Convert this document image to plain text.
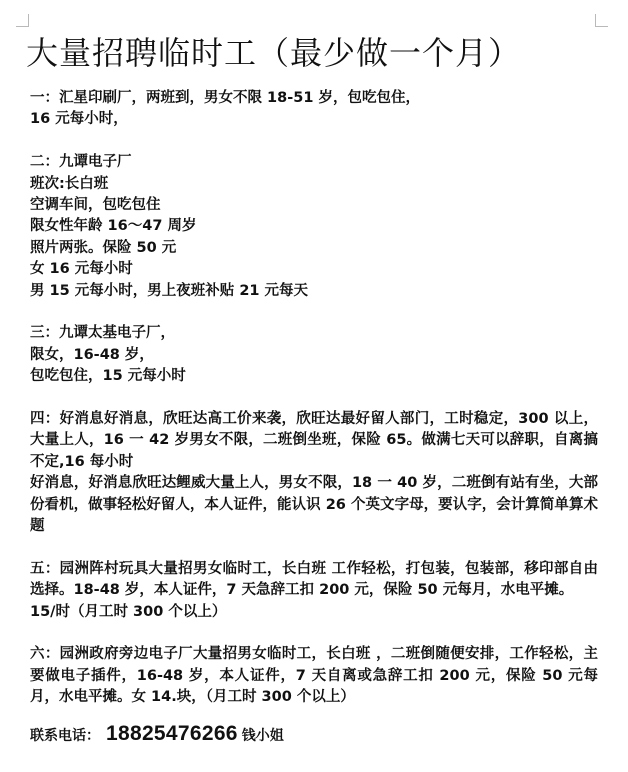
大量招聘临时工（最少做一个月）
一：汇星印刷厂，两班到，男女不限 18-51 岁，包吃包住，
16 元每小时，
二：九谭电子厂
班次:长白班
空调车间，包吃包住
限女性年龄 16～47 周岁
照片两张。保险 50 元
女 16 元每小时
男 15 元每小时，男上夜班补贴 21 元每天
三：九谭太基电子厂，
限女，16-48 岁，
包吃包住，15 元每小时
四：好消息好消息，欣旺达高工价来袭，欣旺达最好留人部门，工时稳定，300 以上，大量上人，16 一 42 岁男女不限，二班倒坐班，保险 65。做满七天可以辞职，自离搞不定,16 每小时
好消息，好消息欣旺达鲤威大量上人，男女不限，18 一 40 岁，二班倒有站有坐，大部份看机，做事轻松好留人，本人证件，能认识 26 个英文字母，要认字，会计算简单算术题
五：园洲阵村玩具大量招男女临时工，长白班 工作轻松，打包装，包装部，移印部自由选择。18-48 岁，本人证件，7 天急辞工扣 200 元，保险 50 元每月，水电平摊。
15/时（月工时 300 个以上）
六：园洲政府旁边电子厂大量招男女临时工，长白班 ，二班倒随便安排，工作轻松，主要做电子插件，16-48 岁，本人证件，7 天自离或急辞工扣 200 元，保险 50 元每月，水电平摊。女 14.块，（月工时 300 个以上）
联系电话： 18825476266 钱小姐
